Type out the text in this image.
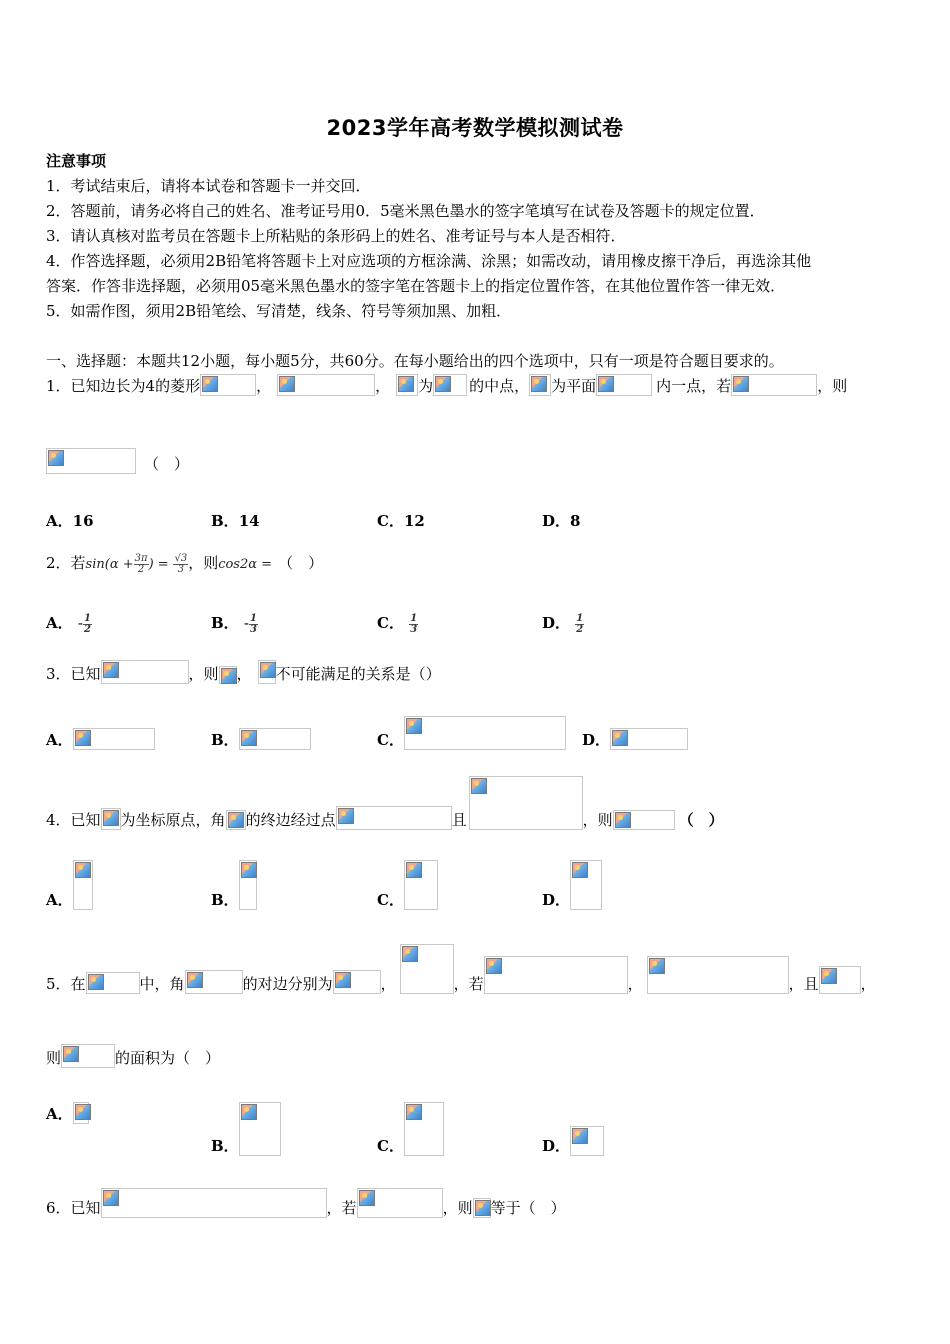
2023学年高考数学模拟测试卷
注意事项
1．考试结束后，请将本试卷和答题卡一并交回．
2．答题前，请务必将自己的姓名、准考证号用0．5毫米黑色墨水的签字笔填写在试卷及答题卡的规定位置．
3．请认真核对监考员在答题卡上所粘贴的条形码上的姓名、准考证号与本人是否相符．
4．作答选择题，必须用2B铅笔将答题卡上对应选项的方框涂满、涂黑；如需改动，请用橡皮擦干净后，再选涂其他
答案．作答非选择题，必须用05毫米黑色墨水的签字笔在答题卡上的指定位置作答，在其他位置作答一律无效．
5．如需作图，须用2B铅笔绘、写清楚，线条、符号等须加黑、加粗．
一、选择题：本题共12小题，每小题5分，共60分。在每小题给出的四个选项中，只有一项是符合题目要求的。
1．已知边长为4的菱形	，	， 为 的中点， 为平面	内一点，若	，则
（　）
A．16	B．14	C．12	D．8
2．若$\sin(\alpha + \frac{3\pi}{2}$ ) = $\frac{√3}{3}$ ，则cos2α = （　）
A． - $\frac{1}{2}$	B． - $\frac{1}{3}$	C． $\frac{1}{3}$	D． $\frac{1}{2}$
3．已知	，则 ， 不可能满足的关系是（）
A．	B．	C．	D．
4．已知 为坐标原点，角 的终边经过点	且	，则	（　）
A．	B．	C．	D．
5．在	中，角	的对边分别为	，	，若	，	，且	，
则	的面积为（　）
A．
B．	C．	D．
6．已知	，若	，则 等于（　）
